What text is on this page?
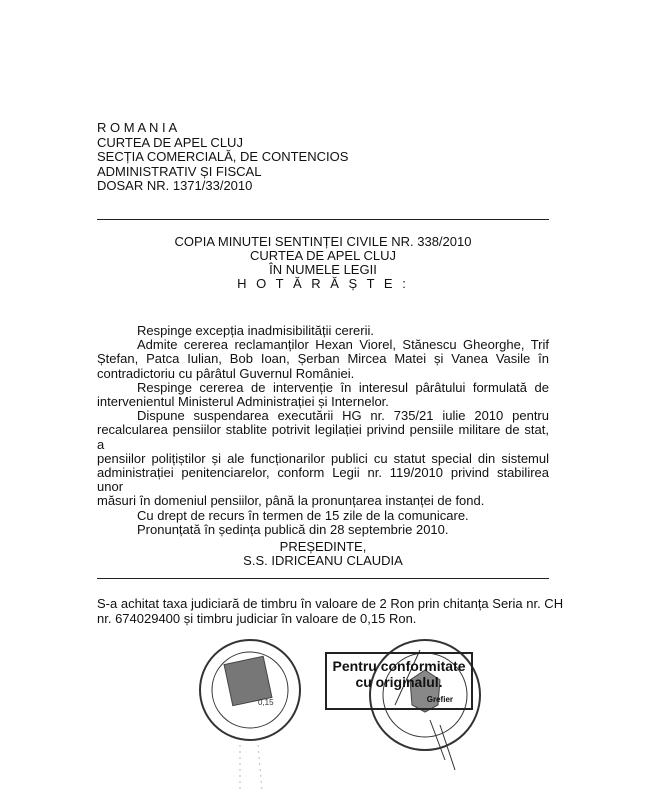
R O M A N I A
CURTEA DE APEL CLUJ
SECȚIA COMERCIALĂ, DE CONTENCIOS
ADMINISTRATIV ȘI FISCAL
DOSAR NR. 1371/33/2010
COPIA MINUTEI SENTINȚEI CIVILE NR. 338/2010
CURTEA DE APEL CLUJ
ÎN NUMELE LEGII
H O T Ă R Ă Ș T E :
Respinge excepția inadmisibilității cererii.
Admite cererea reclamanților Hexan Viorel, Stănescu Gheorghe, Trif
Ștefan, Patca Iulian, Bob Ioan, Șerban Mircea Matei și Vanea Vasile în
contradictoriu cu pârâtul Guvernul României.
Respinge cererea de intervenție în interesul pârâtului formulată de
intervenientul Ministerul Administrației și Internelor.
Dispune suspendarea executării HG nr. 735/21 iulie 2010 pentru
recalcularea pensiilor stablite potrivit legilației privind pensiile militare de stat, a
pensiilor polițiștilor și ale funcționarilor publici cu statut special din sistemul
administrației penitenciarelor, conform Legii nr. 119/2010 privind stabilirea unor
măsuri în domeniul pensiilor, până la pronunțarea instanței de fond.
Cu drept de recurs în termen de 15 zile de la comunicare.
Pronunțată în ședința publică din 28 septembrie 2010.
PREȘEDINTE,
S.S. IDRICEANU CLAUDIA
S-a achitat taxa judiciară de timbru în valoare de 2 Ron prin chitanța Seria nr. CH
nr. 674029400 și timbru judiciar în valoare de 0,15 Ron.
0,15
Pentru conformitate
cu originalul.
Grefier
